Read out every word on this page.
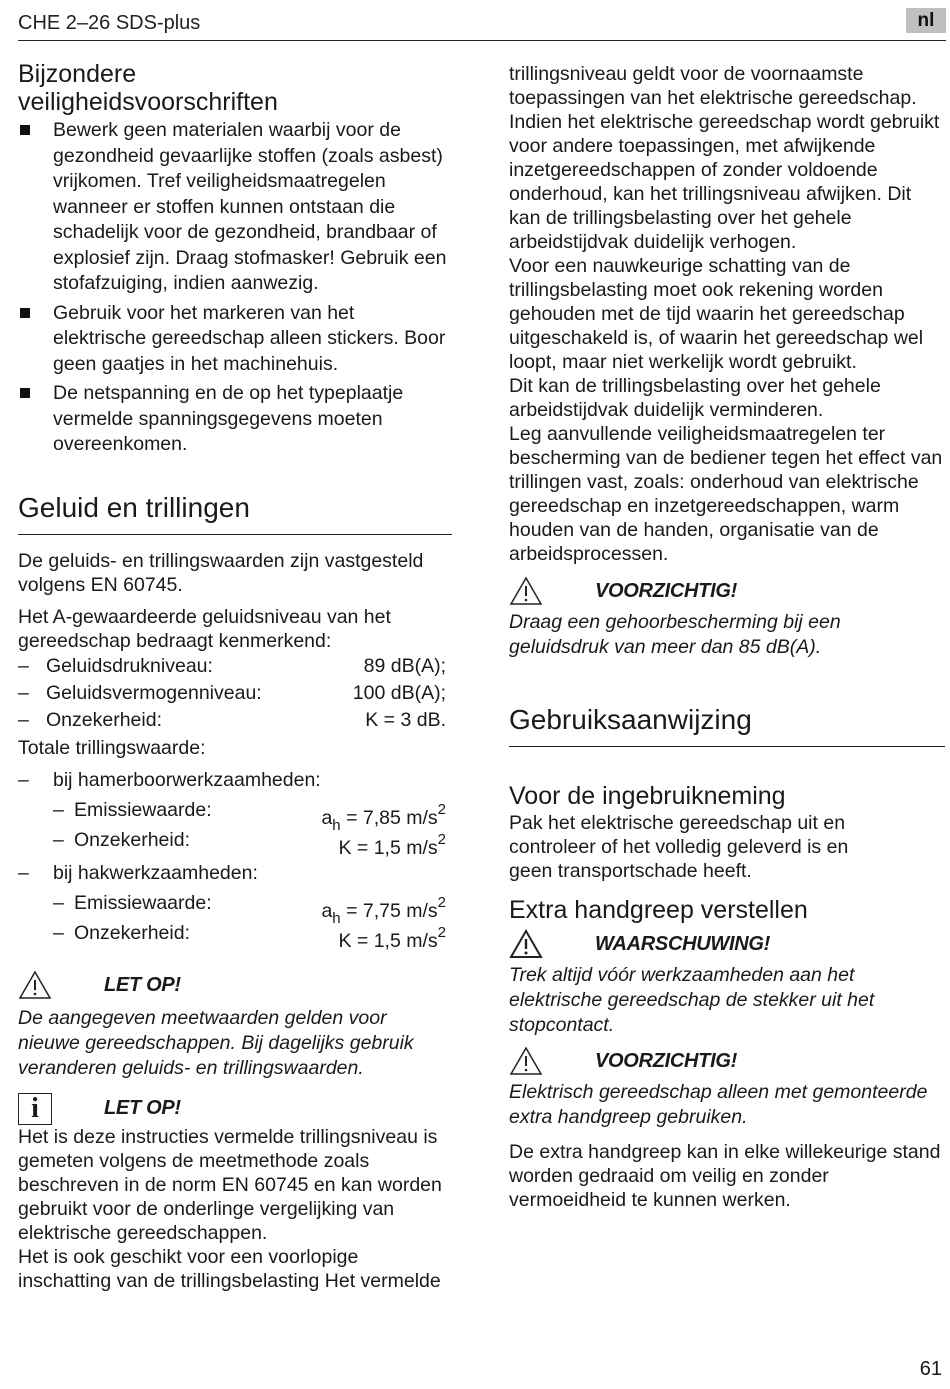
CHE 2–26 SDS-plus	nl
Bijzondere veiligheidsvoorschriften
Bewerk geen materialen waarbij voor de gezondheid gevaarlijke stoffen (zoals asbest) vrijkomen. Tref veiligheidsmaatregelen wanneer er stoffen kunnen ontstaan die schadelijk voor de gezondheid, brandbaar of explosief zijn. Draag stofmasker! Gebruik een stofafzuiging, indien aanwezig.
Gebruik voor het markeren van het elektrische gereedschap alleen stickers. Boor geen gaatjes in het machinehuis.
De netspanning en de op het typeplaatje vermelde spanningsgegevens moeten overeenkomen.
Geluid en trillingen

De geluids- en trillingswaarden zijn vastgesteld volgens EN 60745.

Het A-gewaardeerde geluidsniveau van het gereedschap bedraagt kenmerkend:

– Geluidsdrukniveau:	89 dB(A);
– Geluidsvermogenniveau:	100 dB(A);
– Onzekerheid:	K = 3 dB.

Totale trillingswaarde:

– bij hamerboorwerkzaamheden:
– Emissiewaarde:	$a_h = 7,85$ $m/s^2$
– Onzekerheid:	K = 1,5 $m/s^2$
– bij hakwerkzaamheden:
– Emissiewaarde:	$a_h = 7,75$ $m/s^2$
– Onzekerheid:	K = 1,5 $m/s^2$
LET OP!

De aangegeven meetwaarden gelden voor nieuwe gereedschappen. Bij dagelijks gebruik veranderen geluids- en trillingswaarden.

i	LET OP!

Het is deze instructies vermelde trillingsniveau is gemeten volgens de meetmethode zoals beschreven in de norm EN 60745 en kan worden gebruikt voor de onderlinge vergelijking van elektrische gereedschappen.

Het is ook geschikt voor een voorlopige inschatting van de trillingsbelasting Het vermelde

trillingsniveau geldt voor de voornaamste toepassingen van het elektrische gereedschap. Indien het elektrische gereedschap wordt gebruikt voor andere toepassingen, met afwijkende inzetgereedschappen of zonder voldoende onderhoud, kan het trillingsniveau afwijken. Dit kan de trillingsbelasting over het gehele arbeidstijdvak duidelijk verhogen.

Voor een nauwkeurige schatting van de trillingsbelasting moet ook rekening worden gehouden met de tijd waarin het gereedschap uitgeschakeld is, of waarin het gereedschap wel loopt, maar niet werkelijk wordt gebruikt.

Dit kan de trillingsbelasting over het gehele arbeidstijdvak duidelijk verminderen.

Leg aanvullende veiligheidsmaatregelen ter bescherming van de bediener tegen het effect van trillingen vast, zoals: onderhoud van elektrische gereedschap en inzetgereedschappen, warm houden van de handen, organisatie van de arbeidsprocessen.

VOORZICHTIG!

Draag een gehoorbescherming bij een geluidsdruk van meer dan 85 dB(A).

Gebruiksaanwijzing
Voor de ingebruikneming

Pak het elektrische gereedschap uit en controleer of het volledig geleverd is en geen transportschade heeft.

Extra handgreep verstellen
WAARSCHUWING!

Trek altijd vóór werkzaamheden aan het elektrische gereedschap de stekker uit het stopcontact.

VOORZICHTIG!

Elektrisch gereedschap alleen met gemonteerde extra handgreep gebruiken.

De extra handgreep kan in elke willekeurige stand worden gedraaid om veilig en zonder vermoeidheid te kunnen werken.

61
